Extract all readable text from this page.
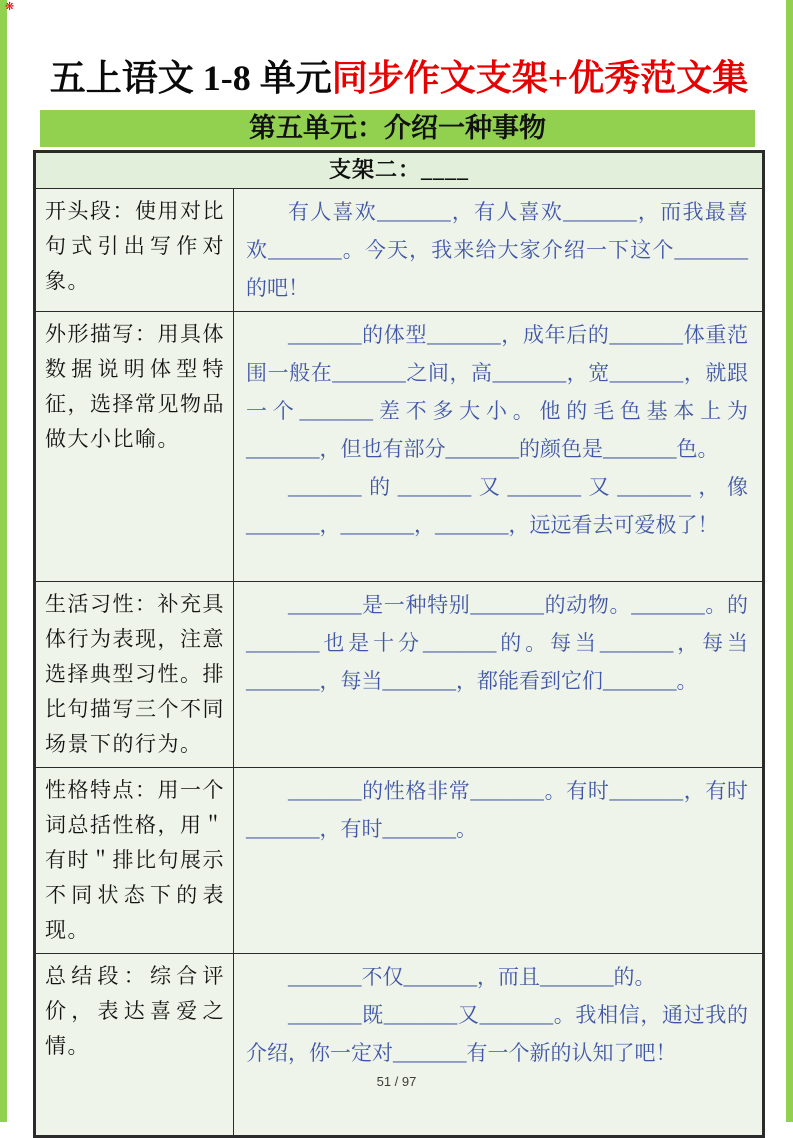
❋
五上语文 1-8 单元同步作文支架+优秀范文集
第五单元：介绍一种事物
支架二：____	
开头段：使用对比句式引出写作对象。	有人喜欢_______，有人喜欢_______，而我最喜欢_______。今天，我来给大家介绍一下这个_______的吧！

外形描写：用具体数据说明体型特征，选择常见物品做大小比喻。	_______的体型_______，成年后的_______体重范围一般在_______之间，高_______，宽_______，就跟一个_______差不多大小。他的毛色基本上为_______，但也有部分_______的颜色是_______色。

_______的_______又_______又_______，像_______，_______，_______，远远看去可爱极了！

生活习性：补充具体行为表现，注意选择典型习性。排比句描写三个不同场景下的行为。	_______是一种特别_______的动物。_______。的_______也是十分_______的。每当_______，每当_______，每当_______，都能看到它们_______。

性格特点：用一个词总括性格，用＂有时＂排比句展示不同状态下的表现。	_______的性格非常_______。有时_______，有时_______，有时_______。

总结段：综合评价，表达喜爱之情。	_______不仅_______，而且_______的。

_______既_______又_______。我相信，通过我的介绍，你一定对_______有一个新的认知了吧！

51 / 97
